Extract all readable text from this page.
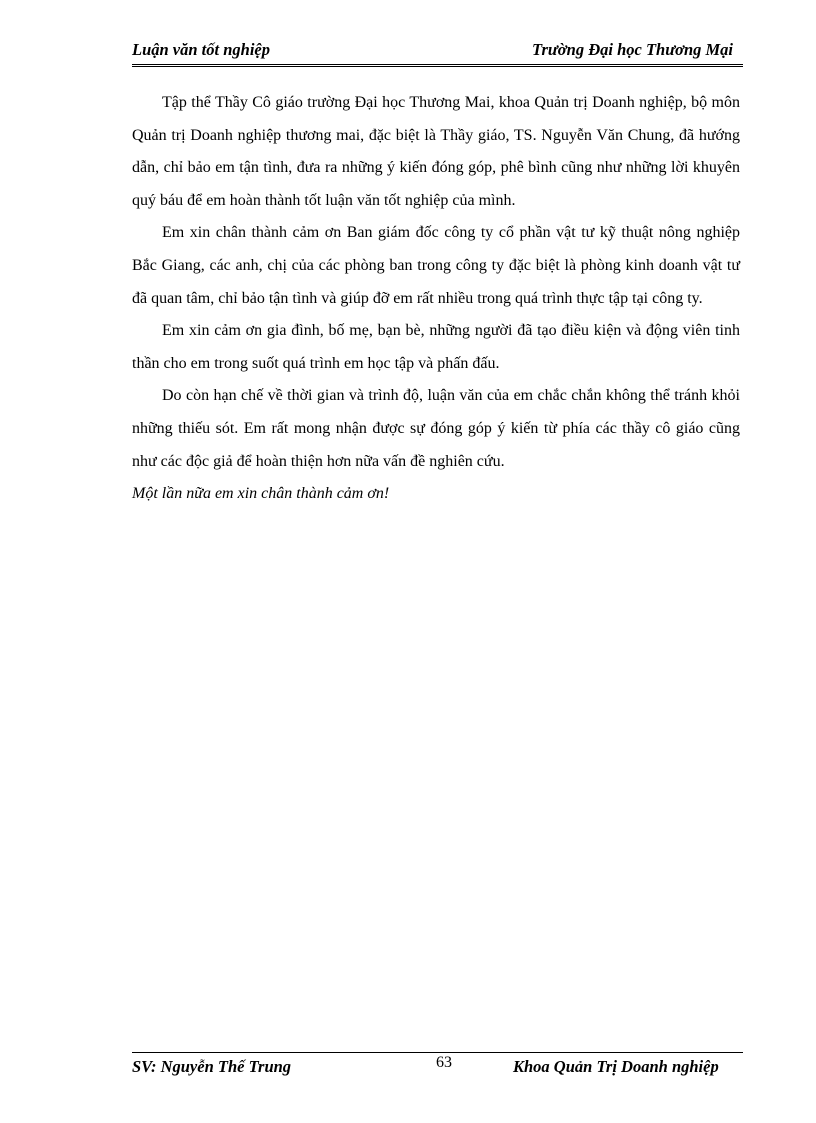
Luận văn tốt nghiệp	Trường Đại học Thương Mại

Tập thể Thầy Cô giáo trường Đại học Thương Mai, khoa Quản trị Doanh nghiệp, bộ môn Quản trị Doanh nghiệp thương mai, đặc biệt là Thầy giáo, TS. Nguyễn Văn Chung, đã hướng dẫn, chỉ bảo em tận tình, đưa ra những ý kiến đóng góp, phê bình cũng như những lời khuyên quý báu để em hoàn thành tốt luận văn tốt nghiệp của mình.

Em xin chân thành cảm ơn Ban giám đốc công ty cổ phần vật tư kỹ thuật nông nghiệp Bắc Giang, các anh, chị của các phòng ban trong công ty đặc biệt là phòng kinh doanh vật tư đã quan tâm, chỉ bảo tận tình và giúp đỡ em rất nhiều trong quá trình thực tập tại công ty.

Em xin cảm ơn gia đình, bố mẹ, bạn bè, những người đã tạo điều kiện và động viên tinh thần cho em trong suốt quá trình em học tập và phấn đấu.

Do còn hạn chế về thời gian và trình độ, luận văn của em chắc chắn không thể tránh khỏi những thiếu sót. Em rất mong nhận được sự đóng góp ý kiến từ phía các thầy cô giáo cũng như các độc giả để hoàn thiện hơn nữa vấn đề nghiên cứu.

Một lần nữa em xin chân thành cảm ơn!

SV: Nguyễn Thế Trung	63	Khoa Quản Trị Doanh nghiệp
